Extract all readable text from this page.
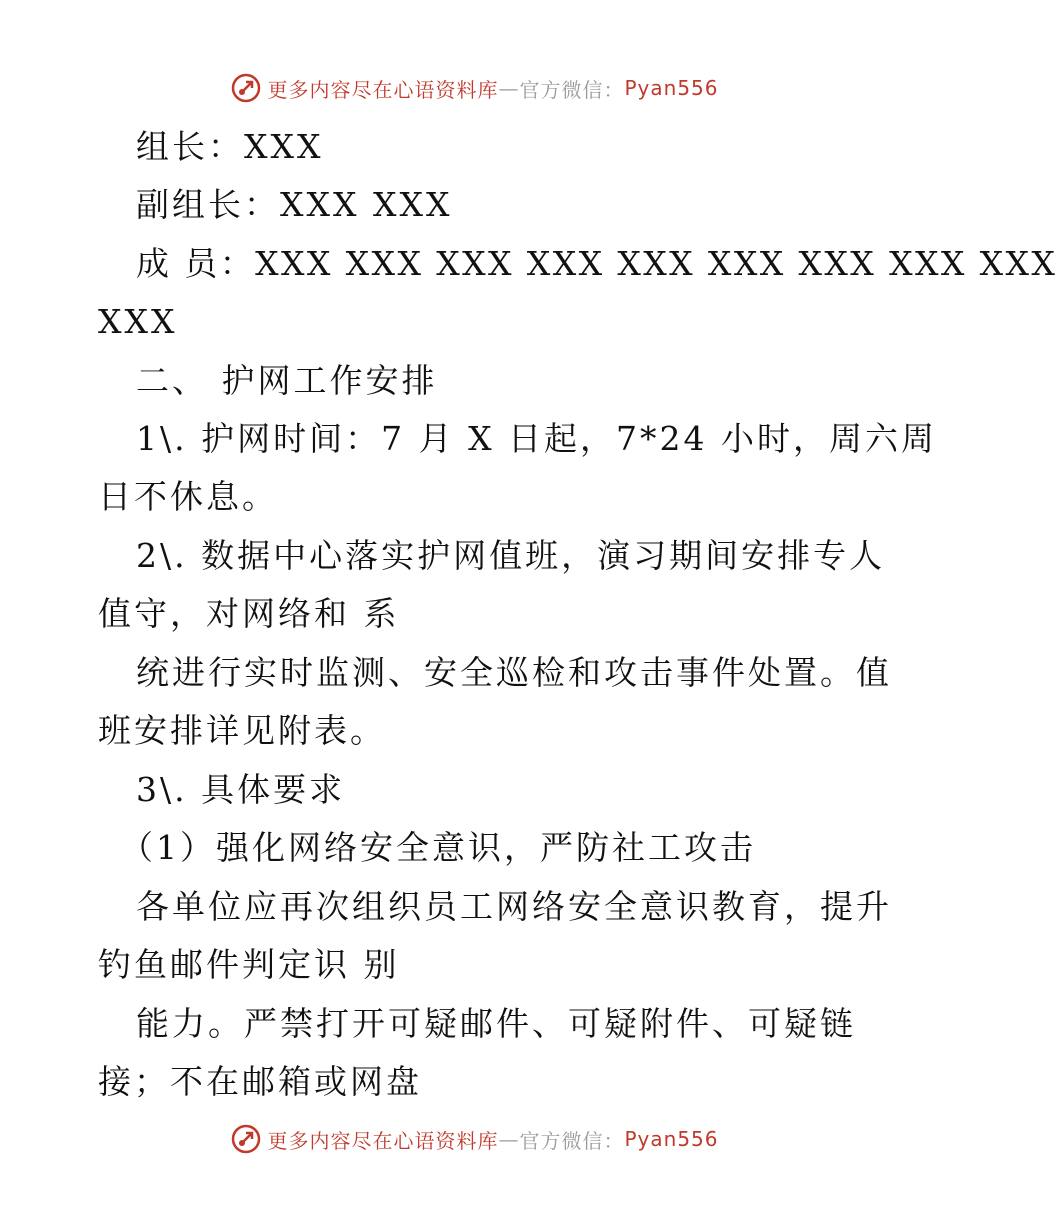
更多内容尽在心语资料库 — 官方微信： Pyan556
组长：XXX
副组长：XXX XXX
成 员：XXX XXX XXX XXX XXX XXX XXX XXX XXX
XXX
二、 护网工作安排
1\. 护网时间：7 月 X 日起，7*24 小时，周六周
日不休息。
2\. 数据中心落实护网值班，演习期间安排专人
值守，对网络和 系
统进行实时监测、安全巡检和攻击事件处置。值
班安排详见附表。
3\. 具体要求
（1）强化网络安全意识，严防社工攻击
各单位应再次组织员工网络安全意识教育，提升
钓鱼邮件判定识 别
能力。严禁打开可疑邮件、可疑附件、可疑链
接；不在邮箱或网盘
更多内容尽在心语资料库 — 官方微信： Pyan556
